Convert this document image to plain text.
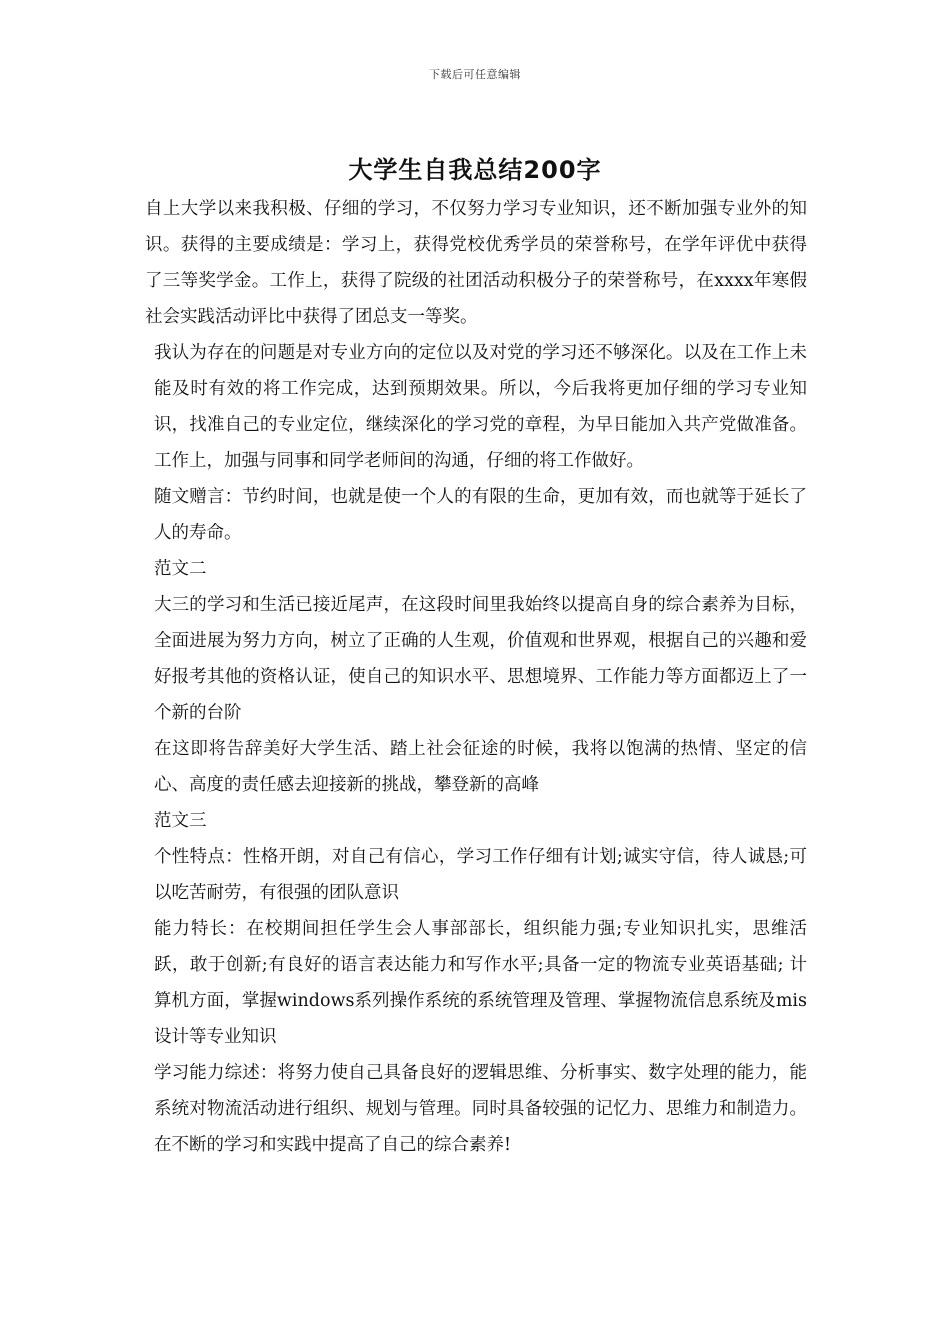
下载后可任意编辑
大学生自我总结200字

自上大学以来我积极、仔细的学习，不仅努力学习专业知识，还不断加强专业外的知识。获得的主要成绩是：学习上，获得党校优秀学员的荣誉称号，在学年评优中获得了三等奖学金。工作上，获得了院级的社团活动积极分子的荣誉称号，在xxxx年寒假社会实践活动评比中获得了团总支一等奖。

我认为存在的问题是对专业方向的定位以及对党的学习还不够深化。以及在工作上未能及时有效的将工作完成，达到预期效果。所以，今后我将更加仔细的学习专业知识，找准自己的专业定位，继续深化的学习党的章程，为早日能加入共产党做准备。工作上，加强与同事和同学老师间的沟通，仔细的将工作做好。

随文赠言：节约时间，也就是使一个人的有限的生命，更加有效，而也就等于延长了人的寿命。

范文二

大三的学习和生活已接近尾声，在这段时间里我始终以提高自身的综合素养为目标，全面进展为努力方向，树立了正确的人生观，价值观和世界观，根据自己的兴趣和爱好报考其他的资格认证，使自己的知识水平、思想境界、工作能力等方面都迈上了一个新的台阶

在这即将告辞美好大学生活、踏上社会征途的时候，我将以饱满的热情、坚定的信心、高度的责任感去迎接新的挑战，攀登新的高峰

范文三

个性特点：性格开朗，对自己有信心，学习工作仔细有计划;诚实守信，待人诚恳;可以吃苦耐劳，有很强的团队意识

能力特长：在校期间担任学生会人事部部长，组织能力强;专业知识扎实，思维活跃，敢于创新;有良好的语言表达能力和写作水平;具备一定的物流专业英语基础; 计算机方面，掌握windows系列操作系统的系统管理及管理、掌握物流信息系统及mis设计等专业知识

学习能力综述：将努力使自己具备良好的逻辑思维、分析事实、数字处理的能力，能系统对物流活动进行组织、规划与管理。同时具备较强的记忆力、思维力和制造力。在不断的学习和实践中提高了自己的综合素养!
